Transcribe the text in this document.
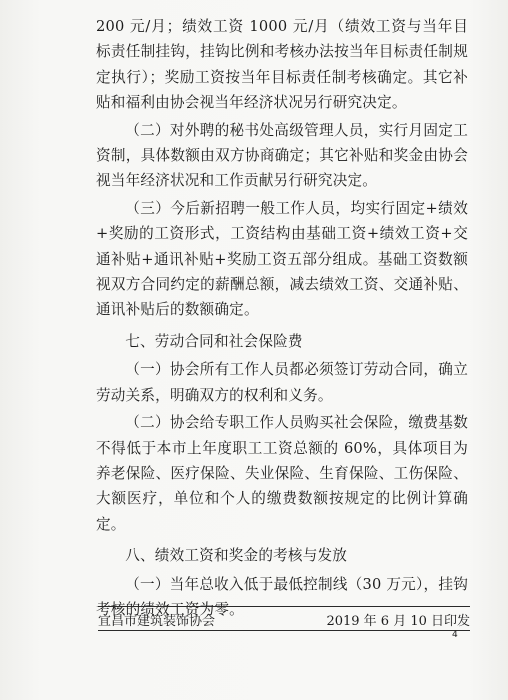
200 元/月；绩效工资 1000 元/月（绩效工资与当年目标责任制挂钩，挂钩比例和考核办法按当年目标责任制规定执行）；奖励工资按当年目标责任制考核确定。其它补贴和福利由协会视当年经济状况另行研究决定。

（二）对外聘的秘书处高级管理人员，实行月固定工资制，具体数额由双方协商确定；其它补贴和奖金由协会视当年经济状况和工作贡献另行研究决定。

（三）今后新招聘一般工作人员，均实行固定+绩效+奖励的工资形式，工资结构由基础工资+绩效工资+交通补贴+通讯补贴+奖励工资五部分组成。基础工资数额视双方合同约定的薪酬总额，减去绩效工资、交通补贴、通讯补贴后的数额确定。

七、劳动合同和社会保险费

（一）协会所有工作人员都必须签订劳动合同，确立劳动关系，明确双方的权利和义务。

（二）协会给专职工作人员购买社会保险，缴费基数不得低于本市上年度职工工资总额的 60%，具体项目为养老保险、医疗保险、失业保险、生育保险、工伤保险、大额医疗，单位和个人的缴费数额按规定的比例计算确定。

八、绩效工资和奖金的考核与发放

（一）当年总收入低于最低控制线（30 万元），挂钩考核的绩效工资为零。

宜昌市建筑装饰协会	2019 年 6 月 10 日印发
4
